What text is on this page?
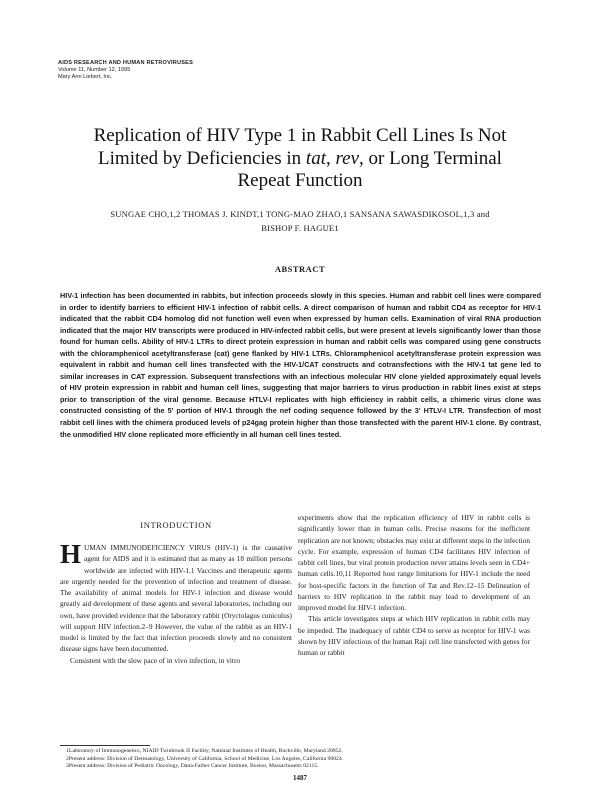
AIDS RESEARCH AND HUMAN RETROVIRUSES
Volume 11, Number 12, 1995
Mary Ann Liebert, Inc.
Replication of HIV Type 1 in Rabbit Cell Lines Is Not
Limited by Deficiencies in tat, rev, or Long Terminal
Repeat Function
SUNGAE CHO,1,2 THOMAS J. KINDT,1 TONG-MAO ZHAO,1 SANSANA SAWASDIKOSOL,1,3 and
BISHOP F. HAGUE1
ABSTRACT

HIV-1 infection has been documented in rabbits, but infection proceeds slowly in this species. Human and rabbit cell lines were compared in order to identify barriers to efficient HIV-1 infection of rabbit cells. A direct comparison of human and rabbit CD4 as receptor for HIV-1 indicated that the rabbit CD4 homolog did not function well even when expressed by human cells. Examination of viral RNA production indicated that the major HIV transcripts were produced in HIV-infected rabbit cells, but were present at levels significantly lower than those found for human cells. Ability of HIV-1 LTRs to direct protein expression in human and rabbit cells was compared using gene constructs with the chloramphenicol acetyltransferase (cat) gene flanked by HIV-1 LTRs. Chloramphenicol acetyltransferase protein expression was equivalent in rabbit and human cell lines transfected with the HIV-1/CAT constructs and cotransfections with the HIV-1 tat gene led to similar increases in CAT expression. Subsequent transfections with an infectious molecular HIV clone yielded approximately equal levels of HIV protein expression in rabbit and human cell lines, suggesting that major barriers to virus production in rabbit lines exist at steps prior to transcription of the viral genome. Because HTLV-I replicates with high efficiency in rabbit cells, a chimeric virus clone was constructed consisting of the 5' portion of HIV-1 through the nef coding sequence followed by the 3' HTLV-I LTR. Transfection of most rabbit cell lines with the chimera produced levels of p24gag protein higher than those transfected with the parent HIV-1 clone. By contrast, the unmodified HIV clone replicated more efficiently in all human cell lines tested.

INTRODUCTION

HUMAN IMMUNODEFICIENCY VIRUS (HIV-1) is the causative agent for AIDS and it is estimated that as many as 18 million persons worldwide are infected with HIV-1.1 Vaccines and therapeutic agents are urgently needed for the prevention of infection and treatment of disease. The availability of animal models for HIV-1 infection and disease would greatly aid development of these agents and several laboratories, including our own, have provided evidence that the laboratory rabbit (Oryctolagus cuniculus) will support HIV infection.2–9 However, the value of the rabbit as an HIV-1 model is limited by the fact that infection proceeds slowly and no consistent disease signs have been documented.

Consistent with the slow pace of in vivo infection, in vitro

experiments show that the replication efficiency of HIV in rabbit cells is significantly lower than in human cells. Precise reasons for the inefficient replication are not known; obstacles may exist at different steps in the infection cycle. For example, expression of human CD4 facilitates HIV infection of rabbit cell lines, but viral protein production never attains levels seen in CD4+ human cells.10,11 Reported host range limitations for HIV-1 include the need for host-specific factors in the function of Tat and Rev.12–15 Delineation of barriers to HIV replication in the rabbit may lead to development of an improved model for HIV-1 infection.

This article investigates steps at which HIV replication in rabbit cells may be impeded. The inadequacy of rabbit CD4 to serve as receptor for HIV-1 was shown by HIV infectious of the human Raji cell line transfected with genes for human or rabbit

1Laboratory of Immunogenetics, NIAID Twinbrook II Facility, National Institutes of Health, Rockville, Maryland 20852.
2Present address: Division of Dermatology, University of California, School of Medicine, Los Angeles, California 90024.
3Present address: Division of Pediatric Oncology, Dana-Farber Cancer Institute, Boston, Massachusetts 02115.
1487
